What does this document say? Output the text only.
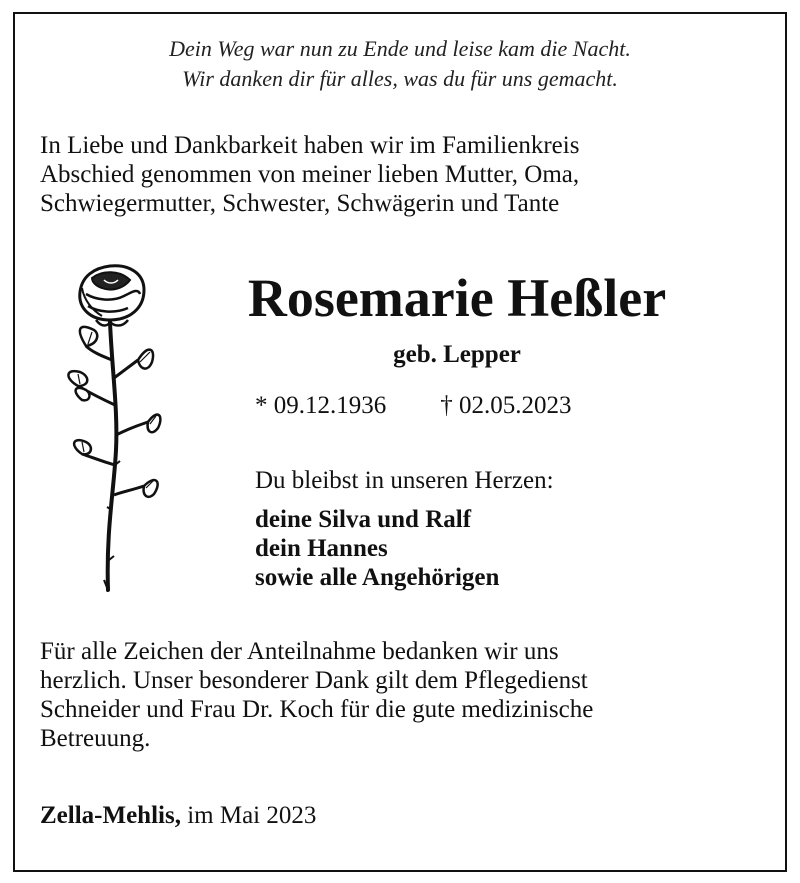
Dein Weg war nun zu Ende und leise kam die Nacht.
Wir danken dir für alles, was du für uns gemacht.
In Liebe und Dankbarkeit haben wir im Familienkreis
Abschied genommen von meiner lieben Mutter, Oma,
Schwiegermutter, Schwester, Schwägerin und Tante
Rosemarie Heßler
geb. Lepper
* 09.12.1936 † 02.05.2023
Du bleibst in unseren Herzen:
deine Silva und Ralf
dein Hannes
sowie alle Angehörigen
Für alle Zeichen der Anteilnahme bedanken wir uns
herzlich. Unser besonderer Dank gilt dem Pflegedienst
Schneider und Frau Dr. Koch für die gute medizinische
Betreuung.
Zella-Mehlis, im Mai 2023
